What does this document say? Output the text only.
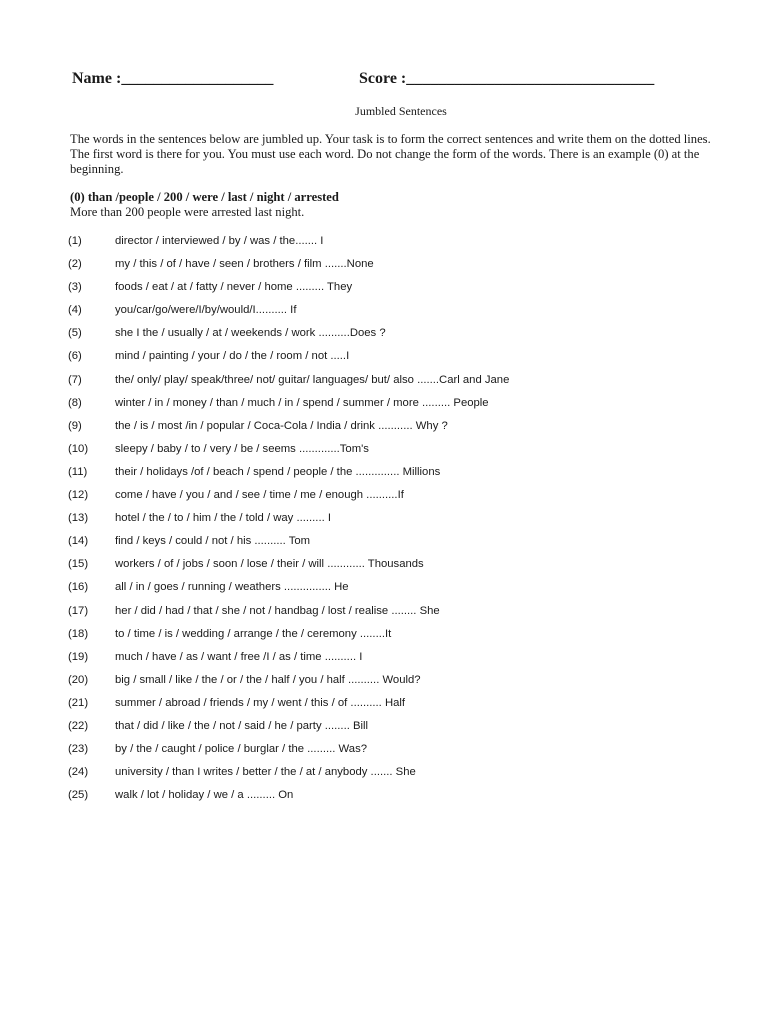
Name :___________________	Score :_______________________________
Jumbled Sentences

The words in the sentences below are jumbled up. Your task is to form the correct sentences and write them on the dotted lines. The first word is there for you. You must use each word. Do not change the form of the words. There is an example (0) at the beginning.

(0) than /people / 200 / were / last / night / arrested
More than 200 people were arrested last night.
(1)	director / interviewed / by / was / the....... I
(2)	my / this / of / have / seen / brothers / film .......None
(3)	foods / eat / at / fatty / never / home ......... They
(4)	you/car/go/were/I/by/would/I.......... If
(5)	she I the / usually / at / weekends / work ..........Does ?
(6)	mind / painting / your / do / the / room / not .....I
(7)	the/ only/ play/ speak/three/ not/ guitar/ languages/ but/ also .......Carl and Jane
(8)	winter / in / money / than / much / in / spend / summer / more ......... People
(9)	the / is / most /in / popular / Coca-Cola / India / drink ........... Why ?
(10)	sleepy / baby / to / very / be / seems .............Tom's
(11)	their / holidays /of / beach / spend / people / the .............. Millions
(12)	come / have / you / and / see / time / me / enough ..........If
(13)	hotel / the / to / him / the / told / way ......... I
(14)	find / keys / could / not / his .......... Tom
(15)	workers / of / jobs / soon / lose / their / will ............ Thousands
(16)	all / in / goes / running / weathers ............... He
(17)	her / did / had / that / she / not / handbag / lost / realise ........ She
(18)	to / time / is / wedding / arrange / the / ceremony ........It
(19)	much / have / as / want / free /I / as / time .......... I
(20)	big / small / like / the / or / the / half / you / half .......... Would?
(21)	summer / abroad / friends / my / went / this / of .......... Half
(22)	that / did / like / the / not / said / he / party ........ Bill
(23)	by / the / caught / police / burglar / the ......... Was?
(24)	university / than I writes / better / the / at / anybody ....... She
(25)	walk / lot / holiday / we / a ......... On
